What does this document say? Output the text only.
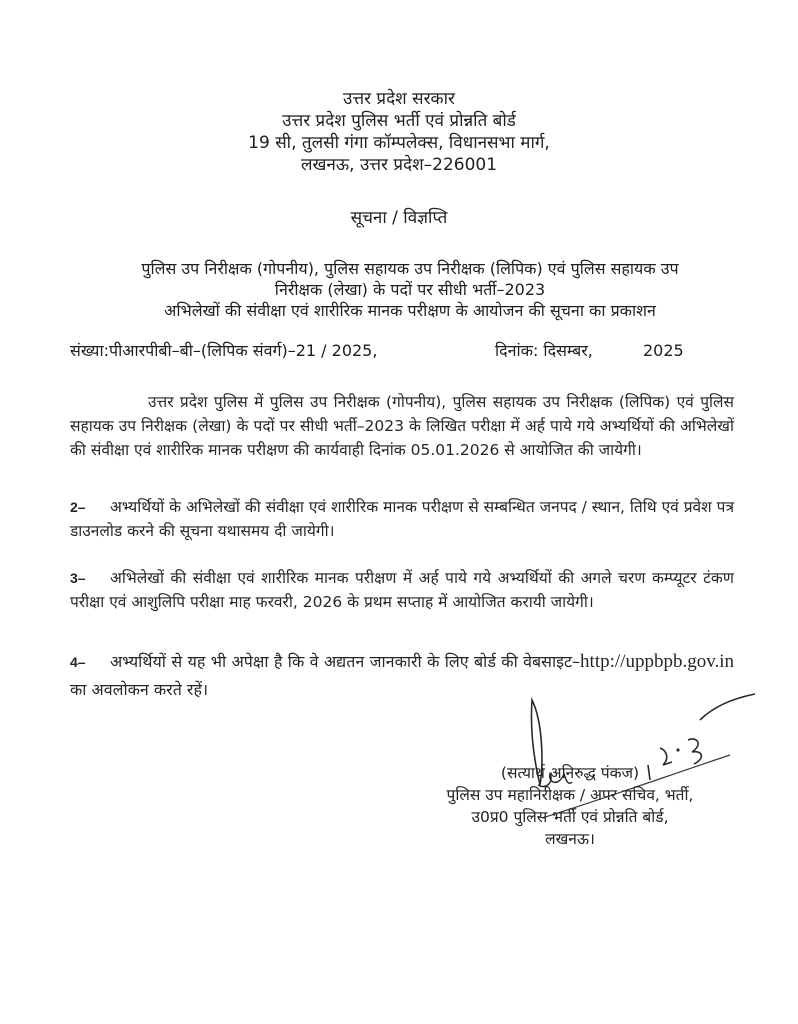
उत्तर प्रदेश सरकार
उत्तर प्रदेश पुलिस भर्ती एवं प्रोन्नति बोर्ड
19 सी, तुलसी गंगा कॉम्पलेक्स, विधानसभा मार्ग,
लखनऊ, उत्तर प्रदेश–226001
सूचना / विज्ञप्ति
पुलिस उप निरीक्षक (गोपनीय), पुलिस सहायक उप निरीक्षक (लिपिक) एवं पुलिस सहायक उप
निरीक्षक (लेखा) के पदों पर सीधी भर्ती–2023
अभिलेखों की संवीक्षा एवं शारीरिक मानक परीक्षण के आयोजन की सूचना का प्रकाशन
संख्या:पीआरपीबी–बी–(लिपिक संवर्ग)–21 / 2025,	दिनांक: दिसम्बर,	2025
उत्तर प्रदेश पुलिस में पुलिस उप निरीक्षक (गोपनीय), पुलिस सहायक उप निरीक्षक (लिपिक) एवं पुलिस सहायक उप निरीक्षक (लेखा) के पदों पर सीधी भर्ती–2023 के लिखित परीक्षा में अर्ह पाये गये अभ्यर्थियों की अभिलेखों की संवीक्षा एवं शारीरिक मानक परीक्षण की कार्यवाही दिनांक 05.01.2026 से आयोजित की जायेगी।
2– अभ्यर्थियों के अभिलेखों की संवीक्षा एवं शारीरिक मानक परीक्षण से सम्बन्धित जनपद / स्थान, तिथि एवं प्रवेश पत्र डाउनलोड करने की सूचना यथासमय दी जायेगी।
3– अभिलेखों की संवीक्षा एवं शारीरिक मानक परीक्षण में अर्ह पाये गये अभ्यर्थियों की अगले चरण कम्प्यूटर टंकण परीक्षा एवं आशुलिपि परीक्षा माह फरवरी, 2026 के प्रथम सप्ताह में आयोजित करायी जायेगी।
4– अभ्यर्थियों से यह भी अपेक्षा है कि वे अद्यतन जानकारी के लिए बोर्ड की वेबसाइट–http://uppbpb.gov.in का अवलोकन करते रहें।
(सत्यार्थ अनिरुद्ध पंकज)
पुलिस उप महानिरीक्षक / अपर सचिव, भर्ती,
उ0प्र0 पुलिस भर्ती एवं प्रोन्नति बोर्ड,
लखनऊ।
